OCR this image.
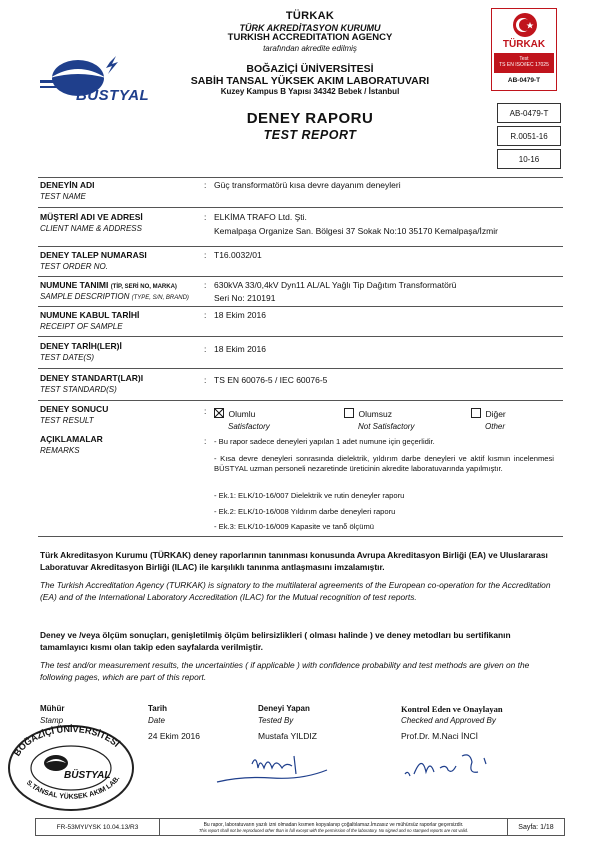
TÜRKAK
TÜRK AKREDİTASYON KURUMU
TURKISH ACCREDITATION AGENCY
tarafından akredite edilmiş
BOĞAZİÇİ ÜNİVERSİTESİ
SABİH TANSAL YÜKSEK AKIM LABORATUVARI
Kuzey Kampus B Yapısı 34342 Bebek / İstanbul
DENEY RAPORU
TEST REPORT
BÜSTYAL
TÜRKAK
Test
TS EN ISO/IEC 17025
AB-0479-T
AB-0479-T
R.0051-16
10-16
DENEYİN ADI
TEST NAME
: Güç transformatörü kısa devre dayanım deneyleri
MÜŞTERİ ADI VE ADRESİ
CLIENT NAME & ADDRESS
: ELKİMA TRAFO Ltd. Şti.
Kemalpaşa Organize San. Bölgesi 37 Sokak No:10 35170 Kemalpaşa/İzmir
DENEY TALEP NUMARASI
TEST ORDER NO.
: T16.0032/01
NUMUNE TANIMI (TİP, SERİ NO, MARKA)
SAMPLE DESCRIPTION (TYPE, S/N, BRAND)
: 630kVA 33/0,4kV Dyn11 AL/AL Yağlı Tip Dağıtım Transformatörü
Seri No: 210191
NUMUNE KABUL TARİHİ
RECEIPT OF SAMPLE
: 18 Ekim 2016
DENEY TARİH(LER)İ
TEST DATE(S)
: 18 Ekim 2016
DENEY STANDART(LAR)I
TEST STANDARD(S)
: TS EN 60076-5 / IEC 60076-5
DENEY SONUCU
TEST RESULT
:	Olumlu
Satisfactory
Olumsuz
Not Satisfactory
Diğer
Other
AÇIKLAMALAR
REMARKS
: - Bu rapor sadece deneyleri yapılan 1 adet numune için geçerlidir.
- Kısa devre deneyleri sonrasında dielektrik, yıldırım darbe deneyleri ve aktif kısmın incelenmesi BÜSTYAL uzman personeli nezaretinde üreticinin akredite laboratuvarında yapılmıştır.
- Ek.1: ELK/10-16/007 Dielektrik ve rutin deneyler raporu
- Ek.2: ELK/10-16/008 Yıldırım darbe deneyleri raporu
- Ek.3: ELK/10-16/009 Kapasite ve tanδ ölçümü
Türk Akreditasyon Kurumu (TÜRKAK) deney raporlarının tanınması konusunda Avrupa Akreditasyon Birliği (EA) ve Uluslararası Laboratuvar Akreditasyon Birliği (ILAC) ile karşılıklı tanınma antlaşmasını imzalamıştır.
The Turkish Accreditation Agency (TURKAK) is signatory to the multilateral agreements of the European co-operation for the Accreditation (EA) and of the International Laboratory Accreditation (ILAC) for the Mutual recognition of test reports.
Deney ve /veya ölçüm sonuçları, genişletilmiş ölçüm belirsizlikleri ( olması halinde ) ve deney metodları bu sertifikanın tamamlayıcı kısmı olan takip eden sayfalarda verilmiştir.
The test and/or measurement results, the uncertainties ( if applicable ) with confidence probability and test methods are given on the following pages, which are part of this report.
Mühür
Stamp
Tarih
Date
24 Ekim 2016
Deneyi Yapan
Tested By
Mustafa YILDIZ
Kontrol Eden ve Onaylayan
Checked and Approved By
Prof.Dr. M.Naci İNCİ
BOĞAZİÇİ ÜNİVERSİTESİ
S.TANSAL YÜKSEK AKIM LAB.
BÜSTYAL
FR-53MYI/YSK 10.04.13/R3	Bu rapor, laboratuvarın yazılı izni olmadan kısmen kopyalanıp çoğaltılamaz.İmzasız ve mühürsüz raporlar geçersizdir.
This report shall not be reproduced other than in full except with the permission of the laboratory. No signed and no stamped reports are not valid.	Sayfa: 1/18
